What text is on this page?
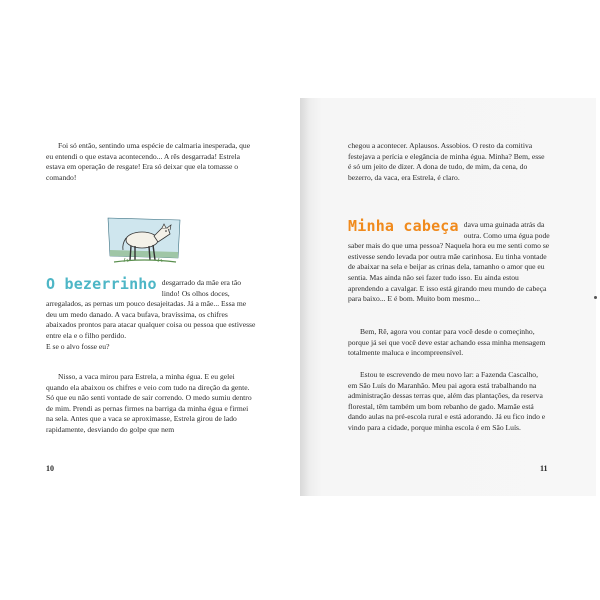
Foi só então, sentindo uma espécie de calmaria inesperada, que eu entendi o que estava acontecendo... A rês desgarrada! Estrela estava em operação de resgate! Era só deixar que ela tomasse o comando!

O bezerrinho desgarrado da mãe era tão lindo! Os olhos doces, arregalados, as pernas um pouco desajeitadas. Já a mãe... Essa me deu um medo danado. A vaca bufava, bravíssima, os chifres abaixados prontos para atacar qualquer coisa ou pessoa que estivesse entre ela e o filho perdido.

E se o alvo fosse eu?

Nisso, a vaca mirou para Estrela, a minha égua. E eu gelei quando ela abaixou os chifres e veio com tudo na direção da gente. Só que eu não senti vontade de sair correndo. O medo sumiu dentro de mim. Prendi as pernas firmes na barriga da minha égua e firmei na sela. Antes que a vaca se aproximasse, Estrela girou de lado rapidamente, desviando do golpe que nem

10

chegou a acontecer. Aplausos. Assobios. O resto da comitiva festejava a perícia e elegância de minha égua. Minha? Bem, esse é só um jeito de dizer. A dona de tudo, de mim, da cena, do bezerro, da vaca, era Estrela, é claro.

Minha cabeça dava uma guinada atrás da outra. Como uma égua pode saber mais do que uma pessoa? Naquela hora eu me senti como se estivesse sendo levada por outra mãe carinhosa. Eu tinha vontade de abaixar na sela e beijar as crinas dela, tamanho o amor que eu sentia. Mas ainda não sei fazer tudo isso. Eu ainda estou aprendendo a cavalgar. E isso está girando meu mundo de cabeça para baixo... E é bom. Muito bom mesmo...

Bem, Rê, agora vou contar para você desde o começinho, porque já sei que você deve estar achando essa minha mensagem totalmente maluca e incompreensível.

Estou te escrevendo de meu novo lar: a Fazenda Cascalho, em São Luís do Maranhão. Meu pai agora está trabalhando na administração dessas terras que, além das plantações, da reserva florestal, têm também um bom rebanho de gado. Mamãe está dando aulas na pré-escola rural e está adorando. Já eu fico indo e vindo para a cidade, porque minha escola é em São Luís.

11
